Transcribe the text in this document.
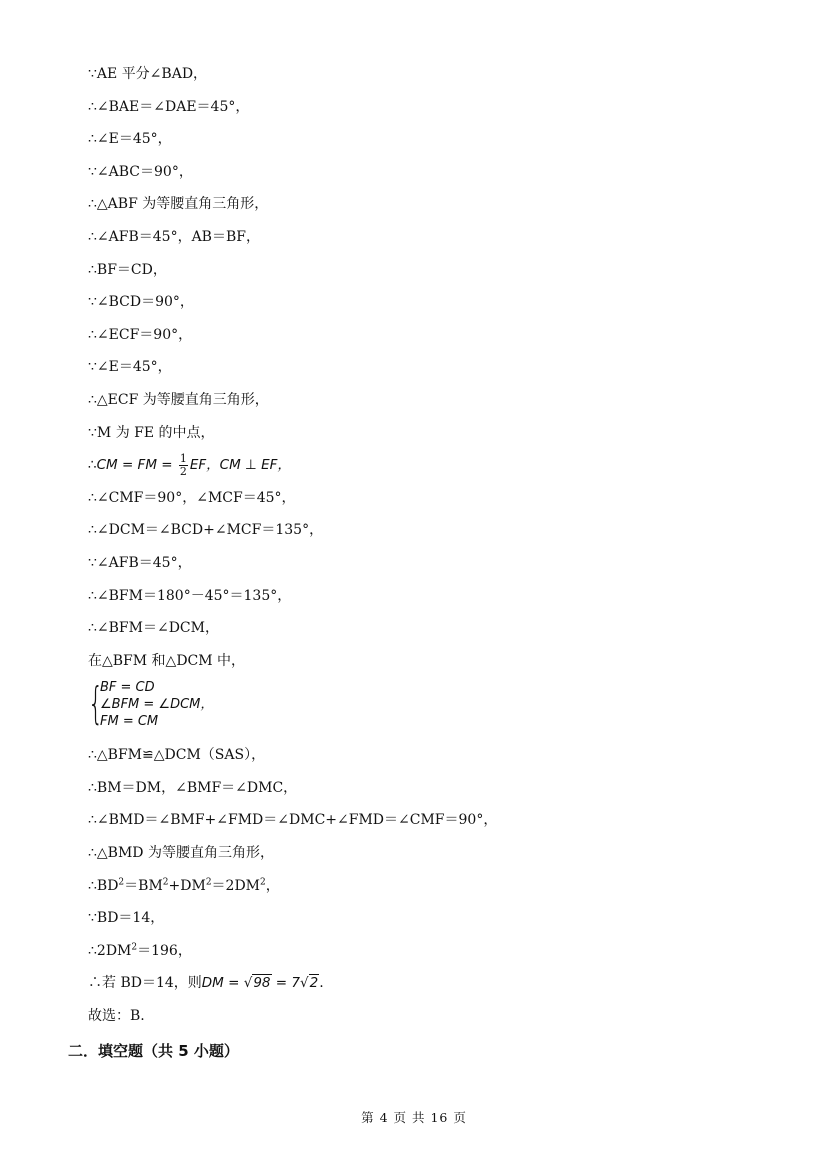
∵AE 平分∠BAD，
∴∠BAE＝∠DAE＝45°，
∴∠E＝45°，
∵∠ABC＝90°，
∴△ABF 为等腰直角三角形，
∴∠AFB＝45°，AB＝BF，
∴BF＝CD，
∵∠BCD＝90°，
∴∠ECF＝90°，
∵∠E＝45°，
∴△ECF 为等腰直角三角形，
∵M 为 FE 的中点，
∴CM = FM = $\frac{1}{2}$ EF，CM ⊥ EF，
∴∠CMF＝90°，∠MCF＝45°，
∴∠DCM＝∠BCD+∠MCF＝135°，
∵∠AFB＝45°，
∴∠BFM＝180°－45°＝135°，
∴∠BFM＝∠DCM，
在△BFM 和△DCM 中，
{
BF = CD
∠BFM = ∠DCM，
FM = CM
∴△BFM≌△DCM（SAS），
∴BM＝DM，∠BMF＝∠DMC，
∴∠BMD＝∠BMF+∠FMD＝∠DMC+∠FMD＝∠CMF＝90°，
∴△BMD 为等腰直角三角形，
$\therefore BD^2=BM^2+DM^2=2DM^2$，
∵BD＝14，
$\therefore 2DM^2=196$，
∴若 BD＝14，则DM = √98 = 7√2.
故选：B.
二．填空题（共 5 小题）
第 4 页 共 16 页
